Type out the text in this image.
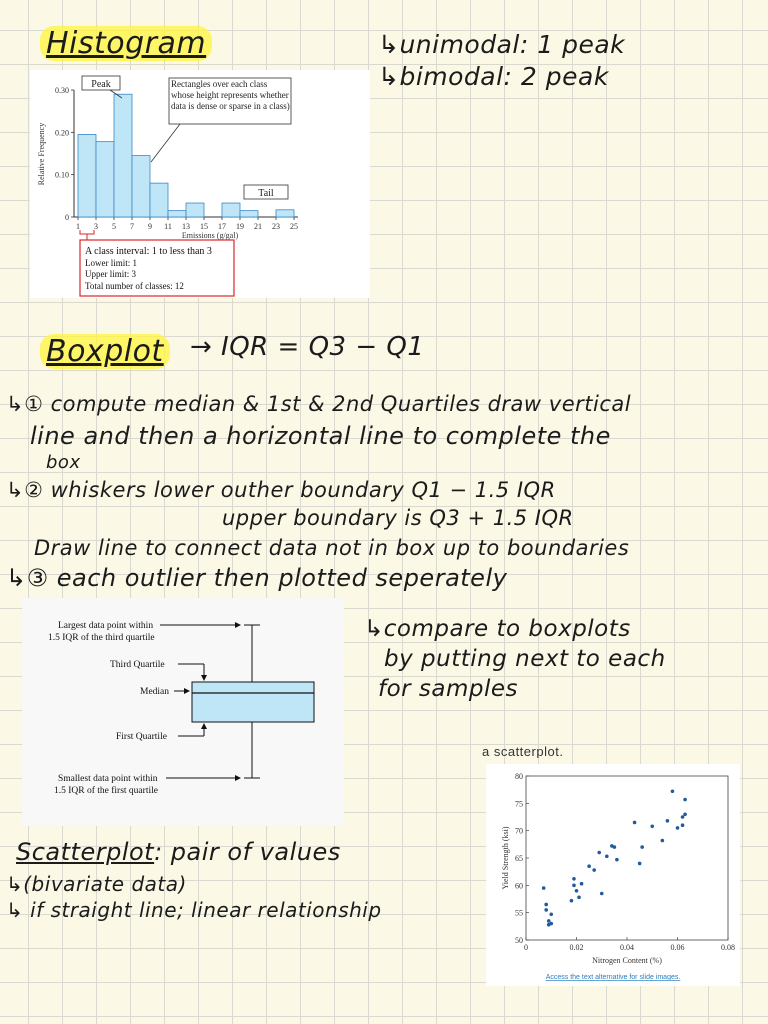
Histogram	↳unimodal: 1 peak
↳bimodal: 2 peak
Boxplot → IQR = Q3 − Q1
↳① compute median & 1st & 2nd Quartiles draw vertical
line and then a horizontal line to complete the
box
↳② whiskers lower outher boundary Q1 − 1.5 IQR
upper boundary is Q3 + 1.5 IQR
Draw line to connect data not in box up to boundaries
↳③ each outlier then plotted seperately
↳compare to boxplots
by putting next to each
for samples
Scatterplot: pair of values
↳(bivariate data)
↳ if straight line; linear relationship
0
0.10
0.20
0.30
1 3 5 7 9 11 13 15 17 19 21 23 25
Relative Frequency
Emissions (g/gal)
Peak	Rectangles over each class whose height represents whether data is dense or sparse in a class)
Tail
A class interval: 1 to less than 3
Lower limit: 1
Upper limit: 3
Total number of classes: 12
Largest data point within
1.5 IQR of the third quartile
Third Quartile
Median
First Quartile
Smallest data point within
1.5 IQR of the first quartile
a scatterplot.
0	0.02	0.04	0.06	0.08
50
55
60
65
70
75
80
Yield Strength (ksi)
Nitrogen Content (%)
Access the text alternative for slide images.
